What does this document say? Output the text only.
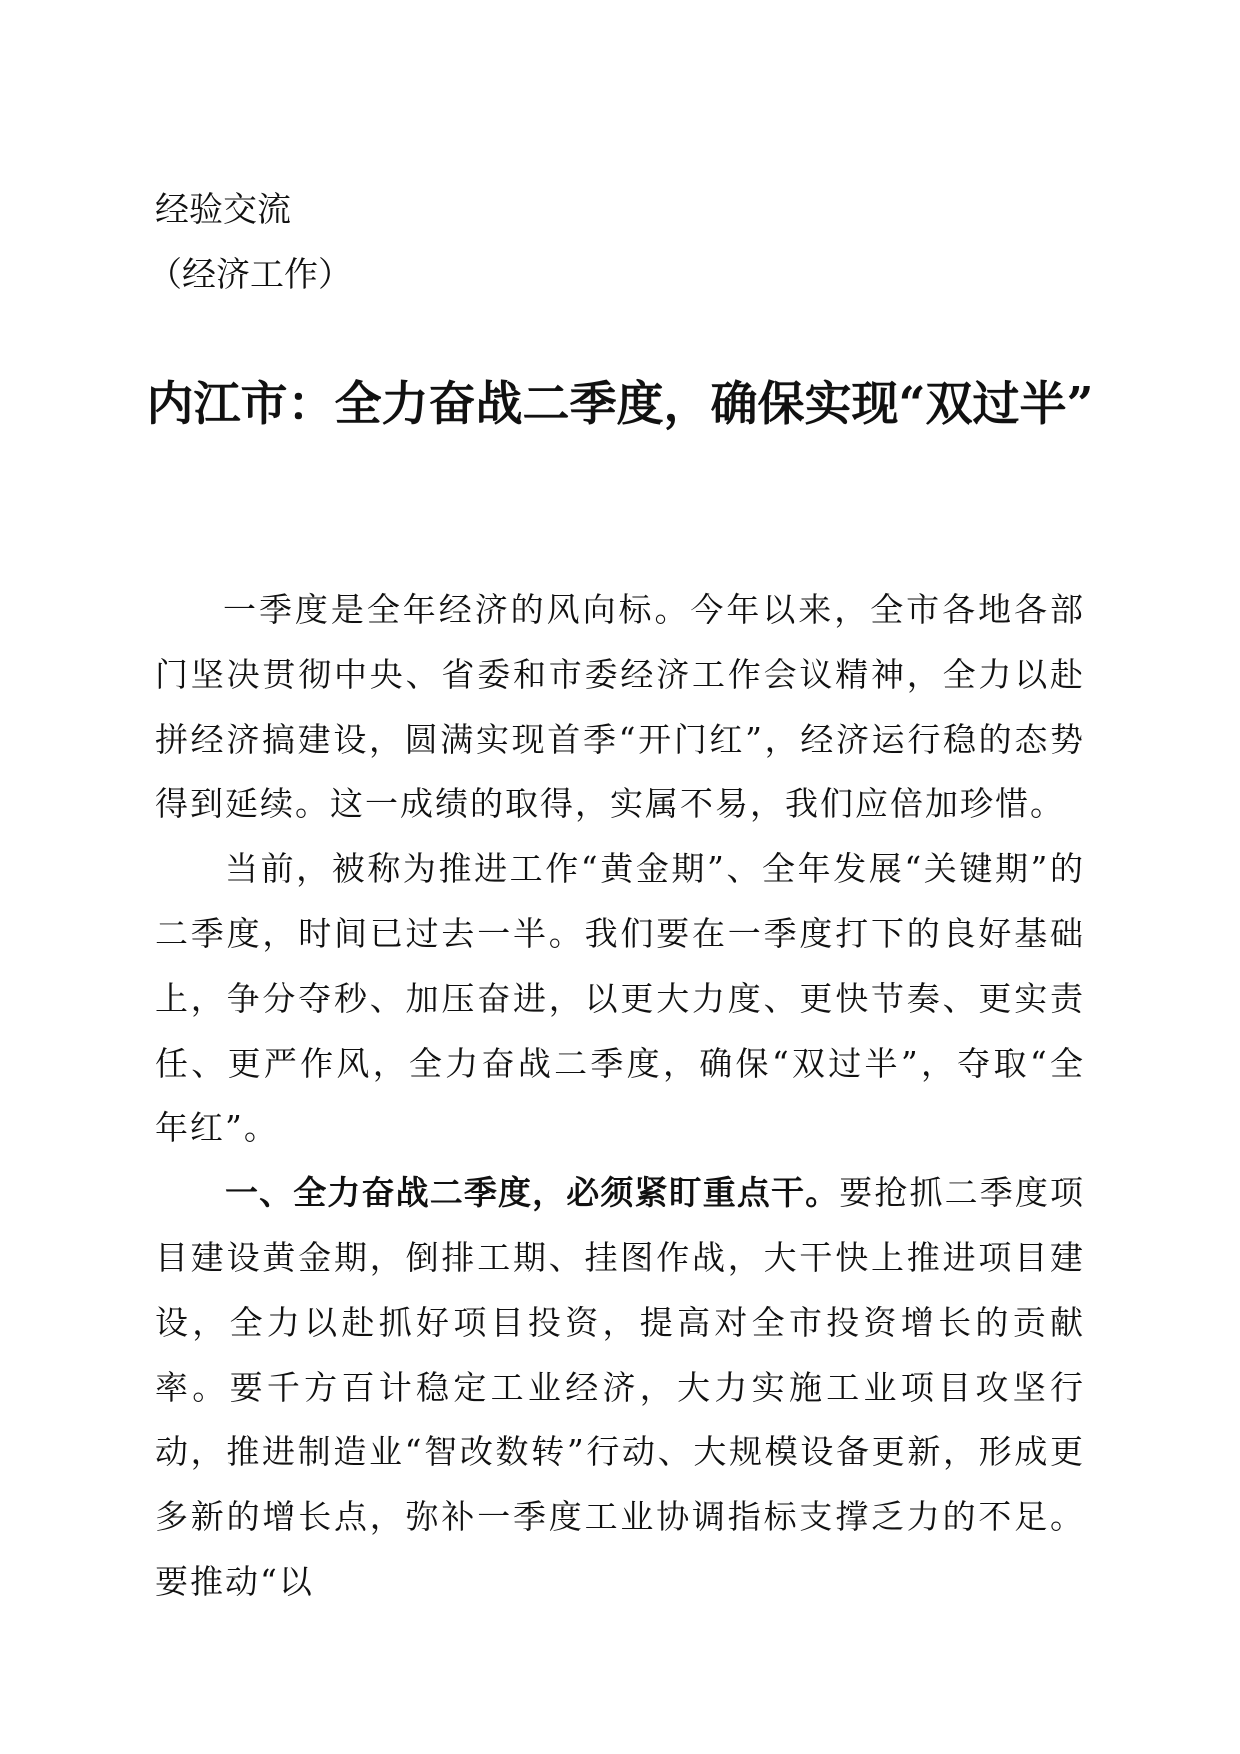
经验交流
（经济工作）
内江市：全力奋战二季度，确保实现“双过半”

一季度是全年经济的风向标。今年以来，全市各地各部门坚决贯彻中央、省委和市委经济工作会议精神，全力以赴拼经济搞建设，圆满实现首季“开门红”，经济运行稳的态势得到延续。这一成绩的取得，实属不易，我们应倍加珍惜。

当前，被称为推进工作“黄金期”、全年发展“关键期”的二季度，时间已过去一半。我们要在一季度打下的良好基础上，争分夺秒、加压奋进，以更大力度、更快节奏、更实责任、更严作风，全力奋战二季度，确保“双过半”，夺取“全年红”。

一、全力奋战二季度，必须紧盯重点干。要抢抓二季度项目建设黄金期，倒排工期、挂图作战，大干快上推进项目建设，全力以赴抓好项目投资，提高对全市投资增长的贡献率。要千方百计稳定工业经济，大力实施工业项目攻坚行动，推进制造业“智改数转”行动、大规模设备更新，形成更多新的增长点，弥补一季度工业协调指标支撑乏力的不足。要推动“以
